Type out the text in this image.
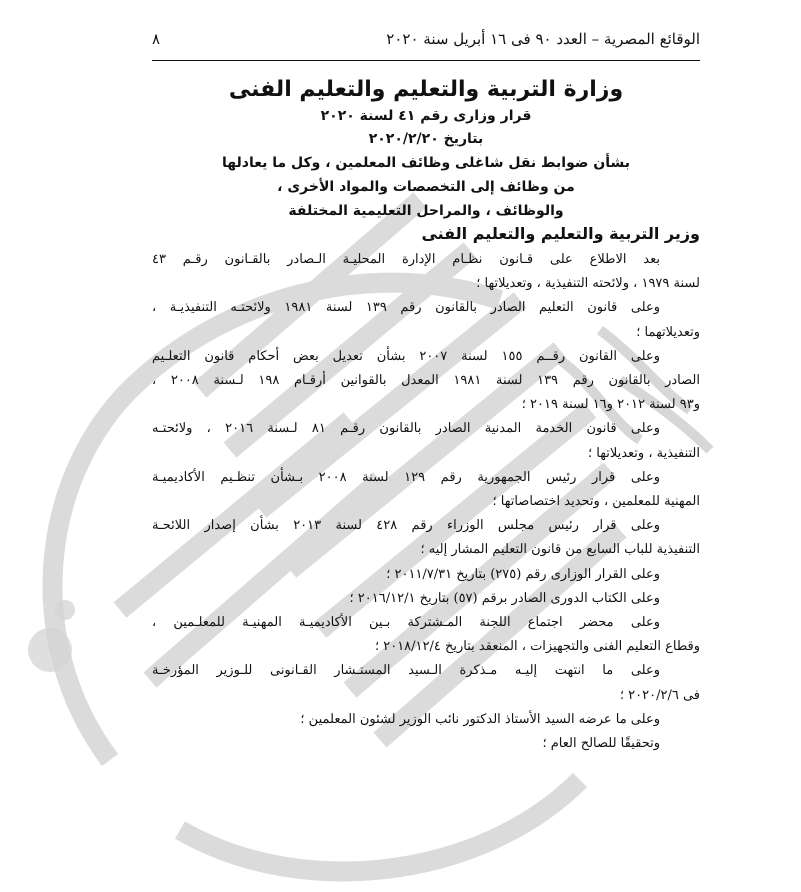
٨	الوقائع المصرية – العدد ٩٠ فى ١٦ أبريل سنة ٢٠٢٠
وزارة التربية والتعليم والتعليم الفنى
قرار وزارى رقم ٤١ لسنة ٢٠٢٠
بتاريخ ٢٠٢٠/٢/٢٠
بشأن ضوابط نقل شاغلى وظائف المعلمين ، وكل ما يعادلها
من وظائف إلى التخصصات والمواد الأخرى ،
والوظائف ، والمراحل التعليمية المختلفة
وزير التربية والتعليم والتعليم الفنى
بعد الاطلاع على قـانون نظـام الإدارة المحليـة الـصادر بالقـانون رقـم ٤٣
لسنة ١٩٧٩ ، ولائحته التنفيذية ، وتعديلاتها ؛
وعلى قانون التعليم الصادر بالقانون رقم ١٣٩ لسنة ١٩٨١ ولائحتـه التنفيذيـة ،
وتعديلاتهما ؛
وعلى القانون رقــم ١٥٥ لسنة ٢٠٠٧ بشأن تعديل بعض أحكام قانون التعلـيم
الصادر بالقانون رقم ١٣٩ لسنة ١٩٨١ المعدل بالقوانين أرقـام ١٩٨ لـسنة ٢٠٠٨ ،
و٩٣ لسنة ٢٠١٢ و١٦ لسنة ٢٠١٩ ؛
وعلى قانون الخدمة المدنية الصادر بالقانون رقـم ٨١ لـسنة ٢٠١٦ ، ولائحتـه
التنفيذية ، وتعديلاتها ؛
وعلى قرار رئيس الجمهورية رقم ١٢٩ لسنة ٢٠٠٨ بـشأن تنظـيم الأكاديميـة
المهنية للمعلمين ، وتحديد اختصاصاتها ؛
وعلى قرار رئيس مجلس الوزراء رقم ٤٢٨ لسنة ٢٠١٣ بشأن إصدار اللائحـة
التنفيذية للباب السابع من قانون التعليم المشار إليه ؛
وعلى القرار الوزارى رقم (٢٧٥) بتاريخ ٢٠١١/٧/٣١ ؛
وعلى الكتاب الدورى الصادر برقم (٥٧) بتاريخ ٢٠١٦/١٢/١ ؛
وعلى محضر اجتماع اللجنة المـشتركة بـين الأكاديميـة المهنيـة للمعلـمين ،
وقطاع التعليم الفنى والتجهيزات ، المنعقد بتاريخ ٢٠١٨/١٢/٤ ؛
وعلى ما انتهت إليـه مـذكرة الـسيد المستـشار القـانونى للـوزير المؤرخـة
فى ٢٠٢٠/٢/٦ ؛
وعلى ما عرضه السيد الأستاذ الدكتور نائب الوزير لشئون المعلمين ؛
وتحقيقًا للصالح العام ؛
